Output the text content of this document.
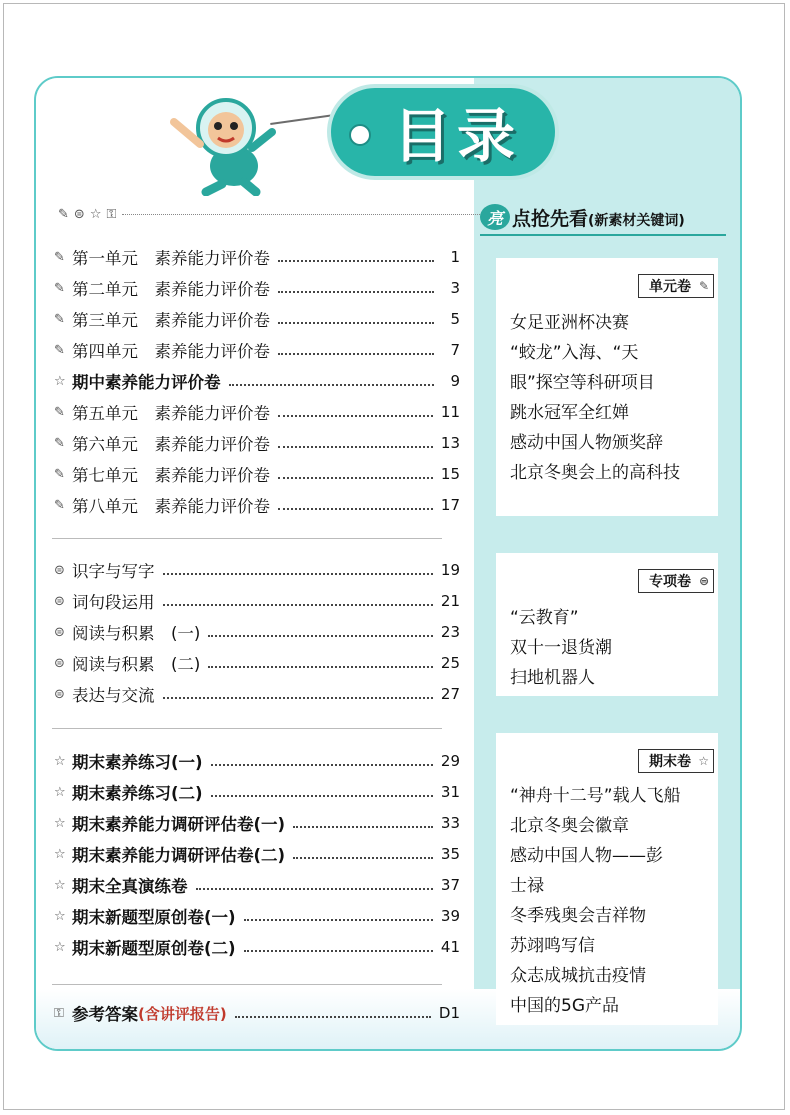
目录
✎ ⊜ ☆ ⚿
✎ 第一单元　素养能力评价卷	1
✎ 第二单元　素养能力评价卷	3
✎ 第三单元　素养能力评价卷	5
✎ 第四单元　素养能力评价卷	7
☆ 期中素养能力评价卷	9
✎ 第五单元　素养能力评价卷	11
✎ 第六单元　素养能力评价卷	13
✎ 第七单元　素养能力评价卷	15
✎ 第八单元　素养能力评价卷	17
⊜ 识字与写字	19
⊜ 词句段运用	21
⊜ 阅读与积累　(一)	23
⊜ 阅读与积累　(二)	25
⊜ 表达与交流	27
☆ 期末素养练习(一)	29
☆ 期末素养练习(二)	31
☆ 期末素养能力调研评估卷(一)	33
☆ 期末素养能力调研评估卷(二)	35
☆ 期末全真演练卷	37
☆ 期末新题型原创卷(一)	39
☆ 期末新题型原创卷(二)	41
⚿ 参考答案 (含讲评报告)	D1
亮 点抢先看 (新素材关键词)
单元卷 ✎
女足亚洲杯决赛
“蛟龙”入海、“天
眼”探空等科研项目
跳水冠军全红婵
感动中国人物颁奖辞
北京冬奥会上的高科技
专项卷 ⊜
“云教育”
双十一退货潮
扫地机器人
期末卷 ☆
“神舟十二号”载人飞船
北京冬奥会徽章
感动中国人物——彭
士禄
冬季残奥会吉祥物
苏翊鸣写信
众志成城抗击疫情
中国的5G产品
